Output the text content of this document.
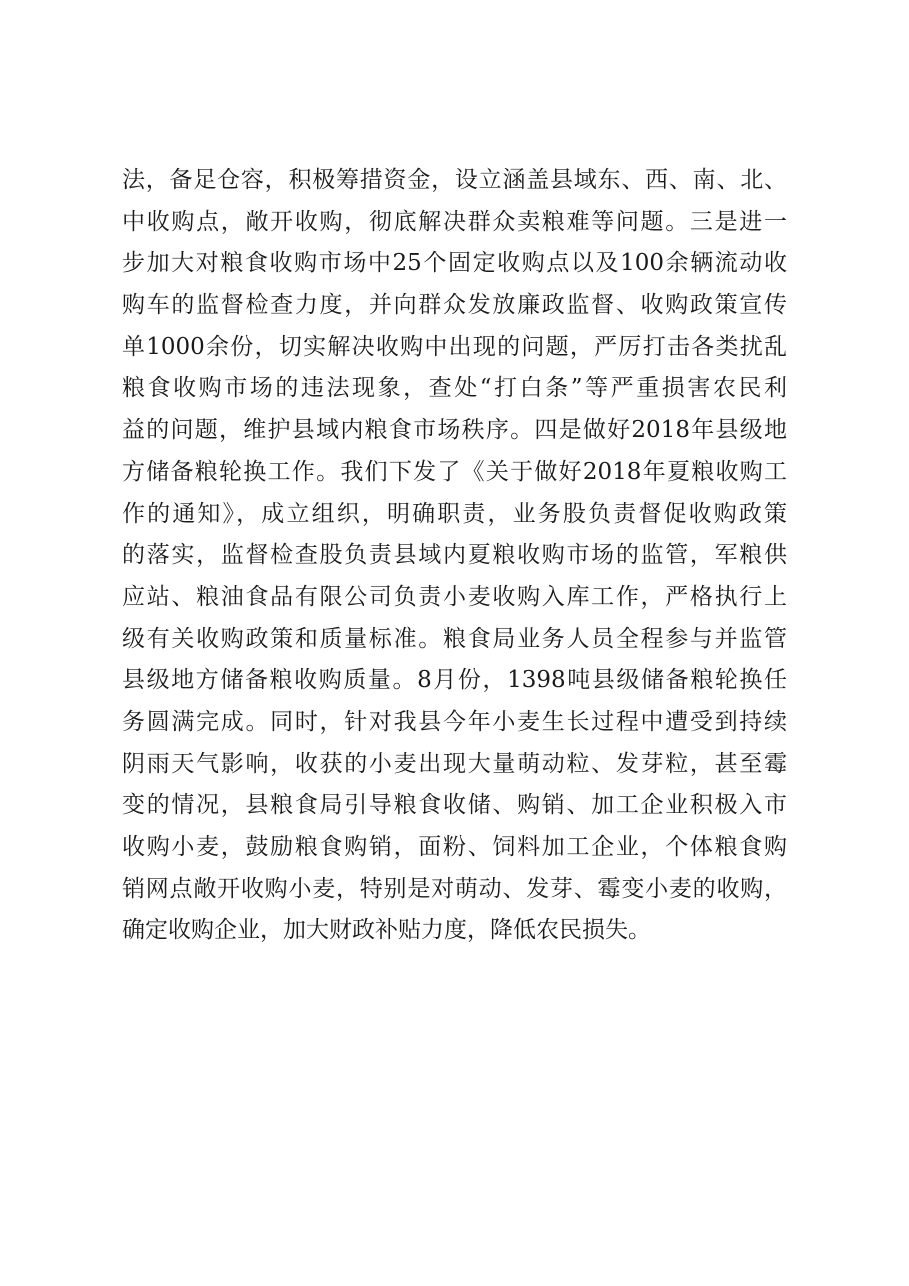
法，备足仓容，积极筹措资金，设立涵盖县域东、西、南、北、
中收购点，敞开收购，彻底解决群众卖粮难等问题。三是进一
步加大对粮食收购市场中25个固定收购点以及100余辆流动收
购车的监督检查力度，并向群众发放廉政监督、收购政策宣传
单1000余份，切实解决收购中出现的问题，严厉打击各类扰乱
粮食收购市场的违法现象，查处“打白条”等严重损害农民利
益的问题，维护县域内粮食市场秩序。四是做好2018年县级地
方储备粮轮换工作。我们下发了《关于做好2018年夏粮收购工
作的通知》，成立组织，明确职责，业务股负责督促收购政策
的落实，监督检查股负责县域内夏粮收购市场的监管，军粮供
应站、粮油食品有限公司负责小麦收购入库工作，严格执行上
级有关收购政策和质量标准。粮食局业务人员全程参与并监管
县级地方储备粮收购质量。8月份，1398吨县级储备粮轮换任
务圆满完成。同时，针对我县今年小麦生长过程中遭受到持续
阴雨天气影响，收获的小麦出现大量萌动粒、发芽粒，甚至霉
变的情况，县粮食局引导粮食收储、购销、加工企业积极入市
收购小麦，鼓励粮食购销，面粉、饲料加工企业，个体粮食购
销网点敞开收购小麦，特别是对萌动、发芽、霉变小麦的收购，
确定收购企业，加大财政补贴力度，降低农民损失。
